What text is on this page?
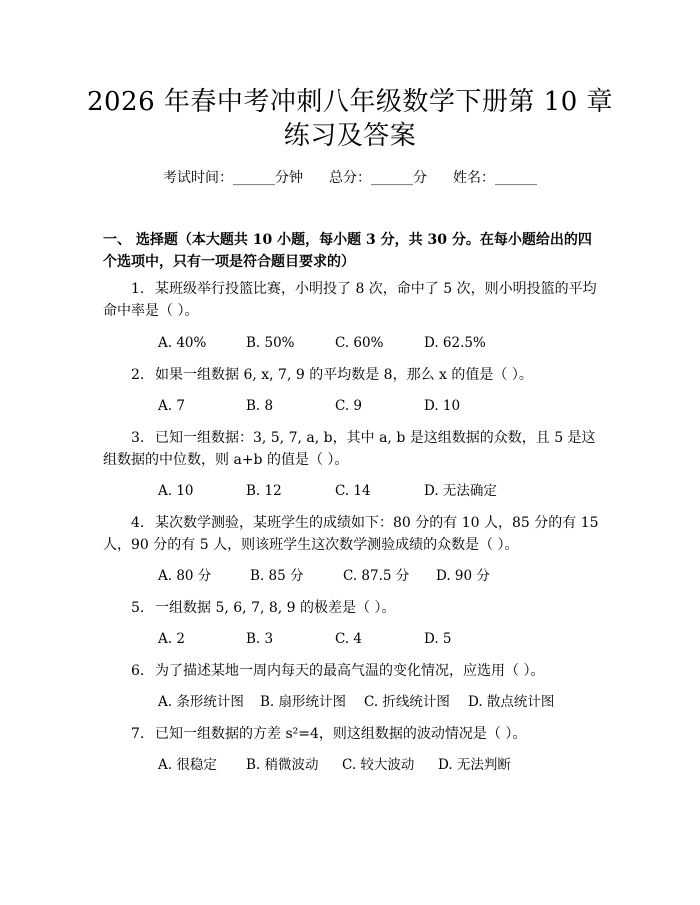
2026 年春中考冲刺八年级数学下册第 10 章
练习及答案
考试时间：______分钟 总分：______分 姓名：______
一、 选择题（本大题共 10 小题，每小题 3 分，共 30 分。在每小题给出的四个选项中，只有一项是符合题目要求的）
1. 某班级举行投篮比赛，小明投了 8 次，命中了 5 次，则小明投篮的平均命中率是（ ）。
A. 40%	B. 50%	C. 60%	D. 62.5%
2. 如果一组数据 6, x, 7, 9 的平均数是 8，那么 x 的值是（ ）。
A. 7	B. 8	C. 9	D. 10
3. 已知一组数据：3, 5, 7, a, b，其中 a, b 是这组数据的众数，且 5 是这组数据的中位数，则 a+b 的值是（ ）。
A. 10	B. 12	C. 14	D. 无法确定
4. 某次数学测验，某班学生的成绩如下：80 分的有 10 人，85 分的有 15 人，90 分的有 5 人，则该班学生这次数学测验成绩的众数是（ ）。
A. 80 分	B. 85 分	C. 87.5 分 D. 90 分
5. 一组数据 5, 6, 7, 8, 9 的极差是（ ）。
A. 2	B. 3	C. 4	D. 5
6. 为了描述某地一周内每天的最高气温的变化情况，应选用（ ）。
A. 条形统计图 B. 扇形统计图 C. 折线统计图 D. 散点统计图
7. 已知一组数据的方差 s²=4，则这组数据的波动情况是（ ）。
A. 很稳定 B. 稍微波动 C. 较大波动 D. 无法判断
